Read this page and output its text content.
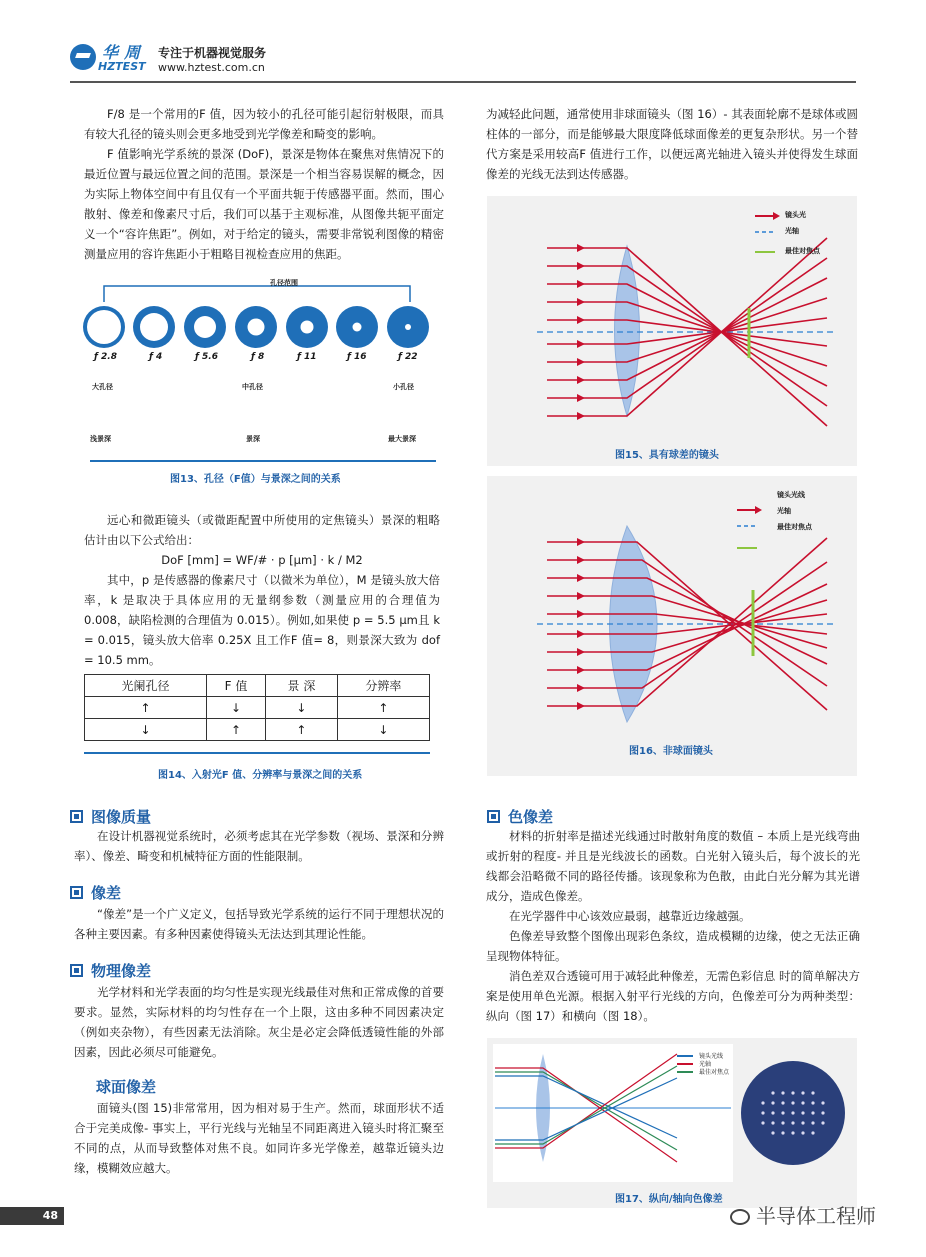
华周
HZTEST
专注于机器视觉服务
www.hztest.com.cn

F/8 是一个常用的F 值，因为较小的孔径可能引起衍射极限，而具有较大孔径的镜头则会更多地受到光学像差和畸变的影响。

F 值影响光学系统的景深 (DoF)，景深是物体在聚焦对焦情况下的最近位置与最远位置之间的范围。景深是一个相当容易误解的概念，因为实际上物体空间中有且仅有一个平面共轭于传感器平面。然而，围心散射、像差和像素尺寸后，我们可以基于主观标准，从图像共轭平面定义一个“容许焦距”。例如，对于给定的镜头，需要非常锐利图像的精密测量应用的容许焦距小于粗略目视检查应用的焦距。

孔径范围
ƒ 2.8	ƒ 4	ƒ 5.6	ƒ 8	ƒ 11	ƒ 16	ƒ 22
大孔径	中孔径	小孔径
浅景深	景深	最大景深
图13、孔径（F值）与景深之间的关系

远心和微距镜头（或微距配置中所使用的定焦镜头）景深的粗略估计由以下公式给出：

DoF [mm] = WF/# · p [μm] · k / M2

其中，p 是传感器的像素尺寸（以微米为单位），M 是镜头放大倍率，k 是取决于具体应用的无量纲参数（测量应用的合理值为 0.008，缺陷检测的合理值为 0.015）。例如,如果使 p = 5.5 μm且 k = 0.015，镜头放大倍率 0.25X 且工作F 值= 8，则景深大致为 dof = 10.5 mm。

光阑孔径	F 值	景 深	分辨率
↑	↓	↓	↑
↓	↑	↑	↓
图14、入射光F 值、分辨率与景深之间的关系
图像质量

在设计机器视觉系统时，必须考虑其在光学参数（视场、景深和分辨率）、像差、畸变和机械特征方面的性能限制。

像差

“像差”是一个广义定义，包括导致光学系统的运行不同于理想状况的各种主要因素。有多种因素使得镜头无法达到其理论性能。

物理像差

光学材料和光学表面的均匀性是实现光线最佳对焦和正常成像的首要要求。显然，实际材料的均匀性存在一个上限，这由多种不同因素决定（例如夹杂物），有些因素无法消除。灰尘是必定会降低透镜性能的外部因素，因此必须尽可能避免。

球面像差

面镜头(图 15)非常常用，因为相对易于生产。然而，球面形状不适合于完美成像- 事实上，平行光线与光轴呈不同距离进入镜头时将汇聚至不同的点，从而导致整体对焦不良。如同许多光学像差，越靠近镜头边缘，模糊效应越大。

为减轻此问题，通常使用非球面镜头（图 16）- 其表面轮廓不是球体或圆柱体的一部分，而是能够最大限度降低球面像差的更复杂形状。另一个替代方案是采用较高F 值进行工作，以便远离光轴进入镜头并使得发生球面像差的光线无法到达传感器。

镜头光
光轴
最佳对焦点
图15、具有球差的镜头
镜头光线
光轴
最佳对焦点
图16、非球面镜头
色像差

材料的折射率是描述光线通过时散射角度的数值 – 本质上是光线弯曲或折射的程度- 并且是光线波长的函数。白光射入镜头后，每个波长的光线都会沿略微不同的路径传播。该现象称为色散，由此白光分解为其光谱成分，造成色像差。

在光学器件中心该效应最弱，越靠近边缘越强。

色像差导致整个图像出现彩色条纹，造成模糊的边缘，使之无法正确呈现物体特征。

消色差双合透镜可用于减轻此种像差，无需色彩信息 时的简单解决方案是使用单色光源。根据入射平行光线的方向，色像差可分为两种类型：纵向（图 17）和横向（图 18）。

镜头光线
光轴
最佳对焦点
图17、纵向/轴向色像差
48	半导体工程师
